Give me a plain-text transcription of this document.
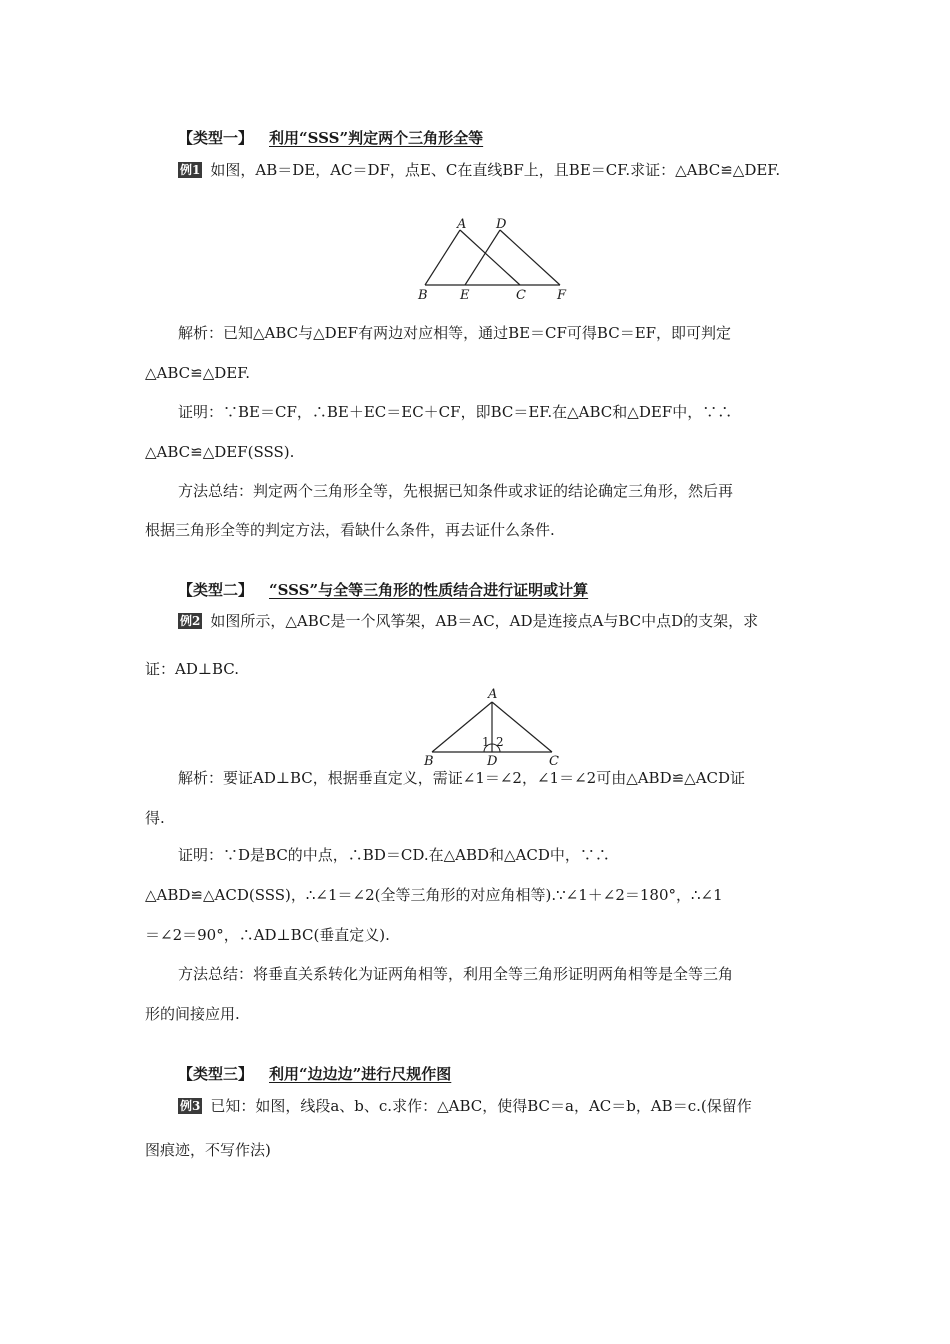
【类型一】 利用“SSS”判定两个三角形全等
例1 如图，AB＝DE，AC＝DF，点E、C在直线BF上，且BE＝CF.求证：△ABC≌△DEF.
A D
B E	C F
解析：已知△ABC与△DEF有两边对应相等，通过BE＝CF可得BC＝EF，即可判定
△ABC≌△DEF.
证明：∵BE＝CF，∴BE＋EC＝EC＋CF，即BC＝EF.在△ABC和△DEF中，∵∴
△ABC≌△DEF(SSS).
方法总结：判定两个三角形全等，先根据已知条件或求证的结论确定三角形，然后再
根据三角形全等的判定方法，看缺什么条件，再去证什么条件.
【类型二】 “SSS”与全等三角形的性质结合进行证明或计算
例2 如图所示，△ABC是一个风筝架，AB＝AC，AD是连接点A与BC中点D的支架，求
证：AD⊥BC.
A
B	C
D
1 2
解析：要证AD⊥BC，根据垂直定义，需证∠1＝∠2，∠1＝∠2可由△ABD≌△ACD证
得.
证明：∵D是BC的中点，∴BD＝CD.在△ABD和△ACD中，∵∴
△ABD≌△ACD(SSS)，∴∠1＝∠2(全等三角形的对应角相等).∵∠1＋∠2＝180°，∴∠1
＝∠2＝90°，∴AD⊥BC(垂直定义).
方法总结：将垂直关系转化为证两角相等，利用全等三角形证明两角相等是全等三角
形的间接应用.
【类型三】 利用“边边边”进行尺规作图
例3 已知：如图，线段a、b、c.求作：△ABC，使得BC＝a，AC＝b，AB＝c.(保留作
图痕迹，不写作法)
